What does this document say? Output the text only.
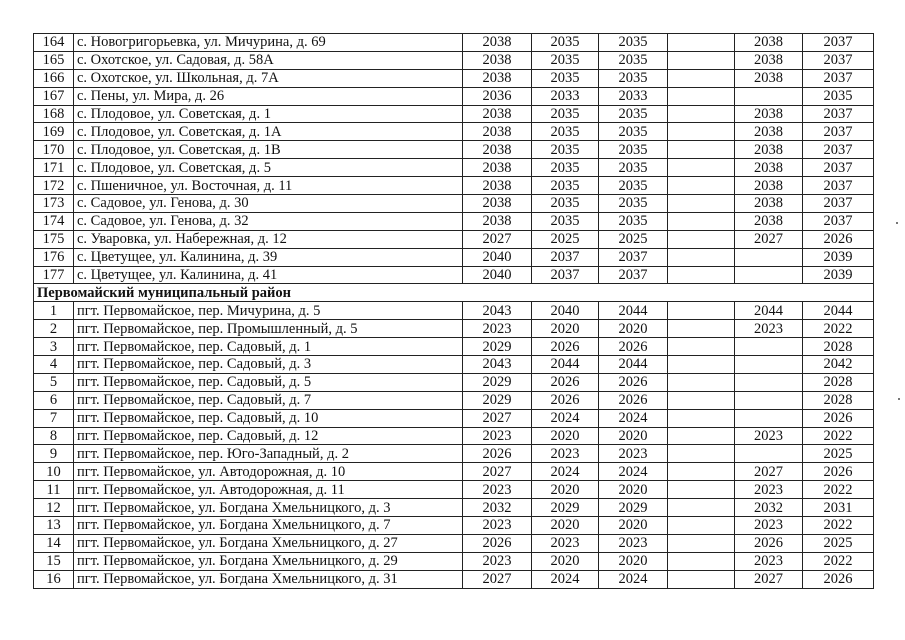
164	с. Новогригорьевка, ул. Мичурина, д. 69	2038	2035	2035		2038	2037
165	с. Охотское, ул. Садовая, д. 58А	2038	2035	2035		2038	2037
166	с. Охотское, ул. Школьная, д. 7А	2038	2035	2035		2038	2037
167	с. Пены, ул. Мира, д. 26	2036	2033	2033			2035
168	с. Плодовое, ул. Советская, д. 1	2038	2035	2035		2038	2037
169	с. Плодовое, ул. Советская, д. 1А	2038	2035	2035		2038	2037
170	с. Плодовое, ул. Советская, д. 1В	2038	2035	2035		2038	2037
171	с. Плодовое, ул. Советская, д. 5	2038	2035	2035		2038	2037
172	с. Пшеничное, ул. Восточная, д. 11	2038	2035	2035		2038	2037
173	с. Садовое, ул. Генова, д. 30	2038	2035	2035		2038	2037
174	с. Садовое, ул. Генова, д. 32	2038	2035	2035		2038	2037
175	с. Уваровка, ул. Набережная, д. 12	2027	2025	2025		2027	2026
176	с. Цветущее, ул. Калинина, д. 39	2040	2037	2037			2039
177	с. Цветущее, ул. Калинина, д. 41	2040	2037	2037			2039
Первомайский муниципальный район							
1	пгт. Первомайское, пер. Мичурина, д. 5	2043	2040	2044		2044	2044
2	пгт. Первомайское, пер. Промышленный, д. 5	2023	2020	2020		2023	2022
3	пгт. Первомайское, пер. Садовый, д. 1	2029	2026	2026			2028
4	пгт. Первомайское, пер. Садовый, д. 3	2043	2044	2044			2042
5	пгт. Первомайское, пер. Садовый, д. 5	2029	2026	2026			2028
6	пгт. Первомайское, пер. Садовый, д. 7	2029	2026	2026			2028
7	пгт. Первомайское, пер. Садовый, д. 10	2027	2024	2024			2026
8	пгт. Первомайское, пер. Садовый, д. 12	2023	2020	2020		2023	2022
9	пгт. Первомайское, пер. Юго-Западный, д. 2	2026	2023	2023			2025
10	пгт. Первомайское, ул. Автодорожная, д. 10	2027	2024	2024		2027	2026
11	пгт. Первомайское, ул. Автодорожная, д. 11	2023	2020	2020		2023	2022
12	пгт. Первомайское, ул. Богдана Хмельницкого, д. 3	2032	2029	2029		2032	2031
13	пгт. Первомайское, ул. Богдана Хмельницкого, д. 7	2023	2020	2020		2023	2022
14	пгт. Первомайское, ул. Богдана Хмельницкого, д. 27	2026	2023	2023		2026	2025
15	пгт. Первомайское, ул. Богдана Хмельницкого, д. 29	2023	2020	2020		2023	2022
16	пгт. Первомайское, ул. Богдана Хмельницкого, д. 31	2027	2024	2024		2027	2026
